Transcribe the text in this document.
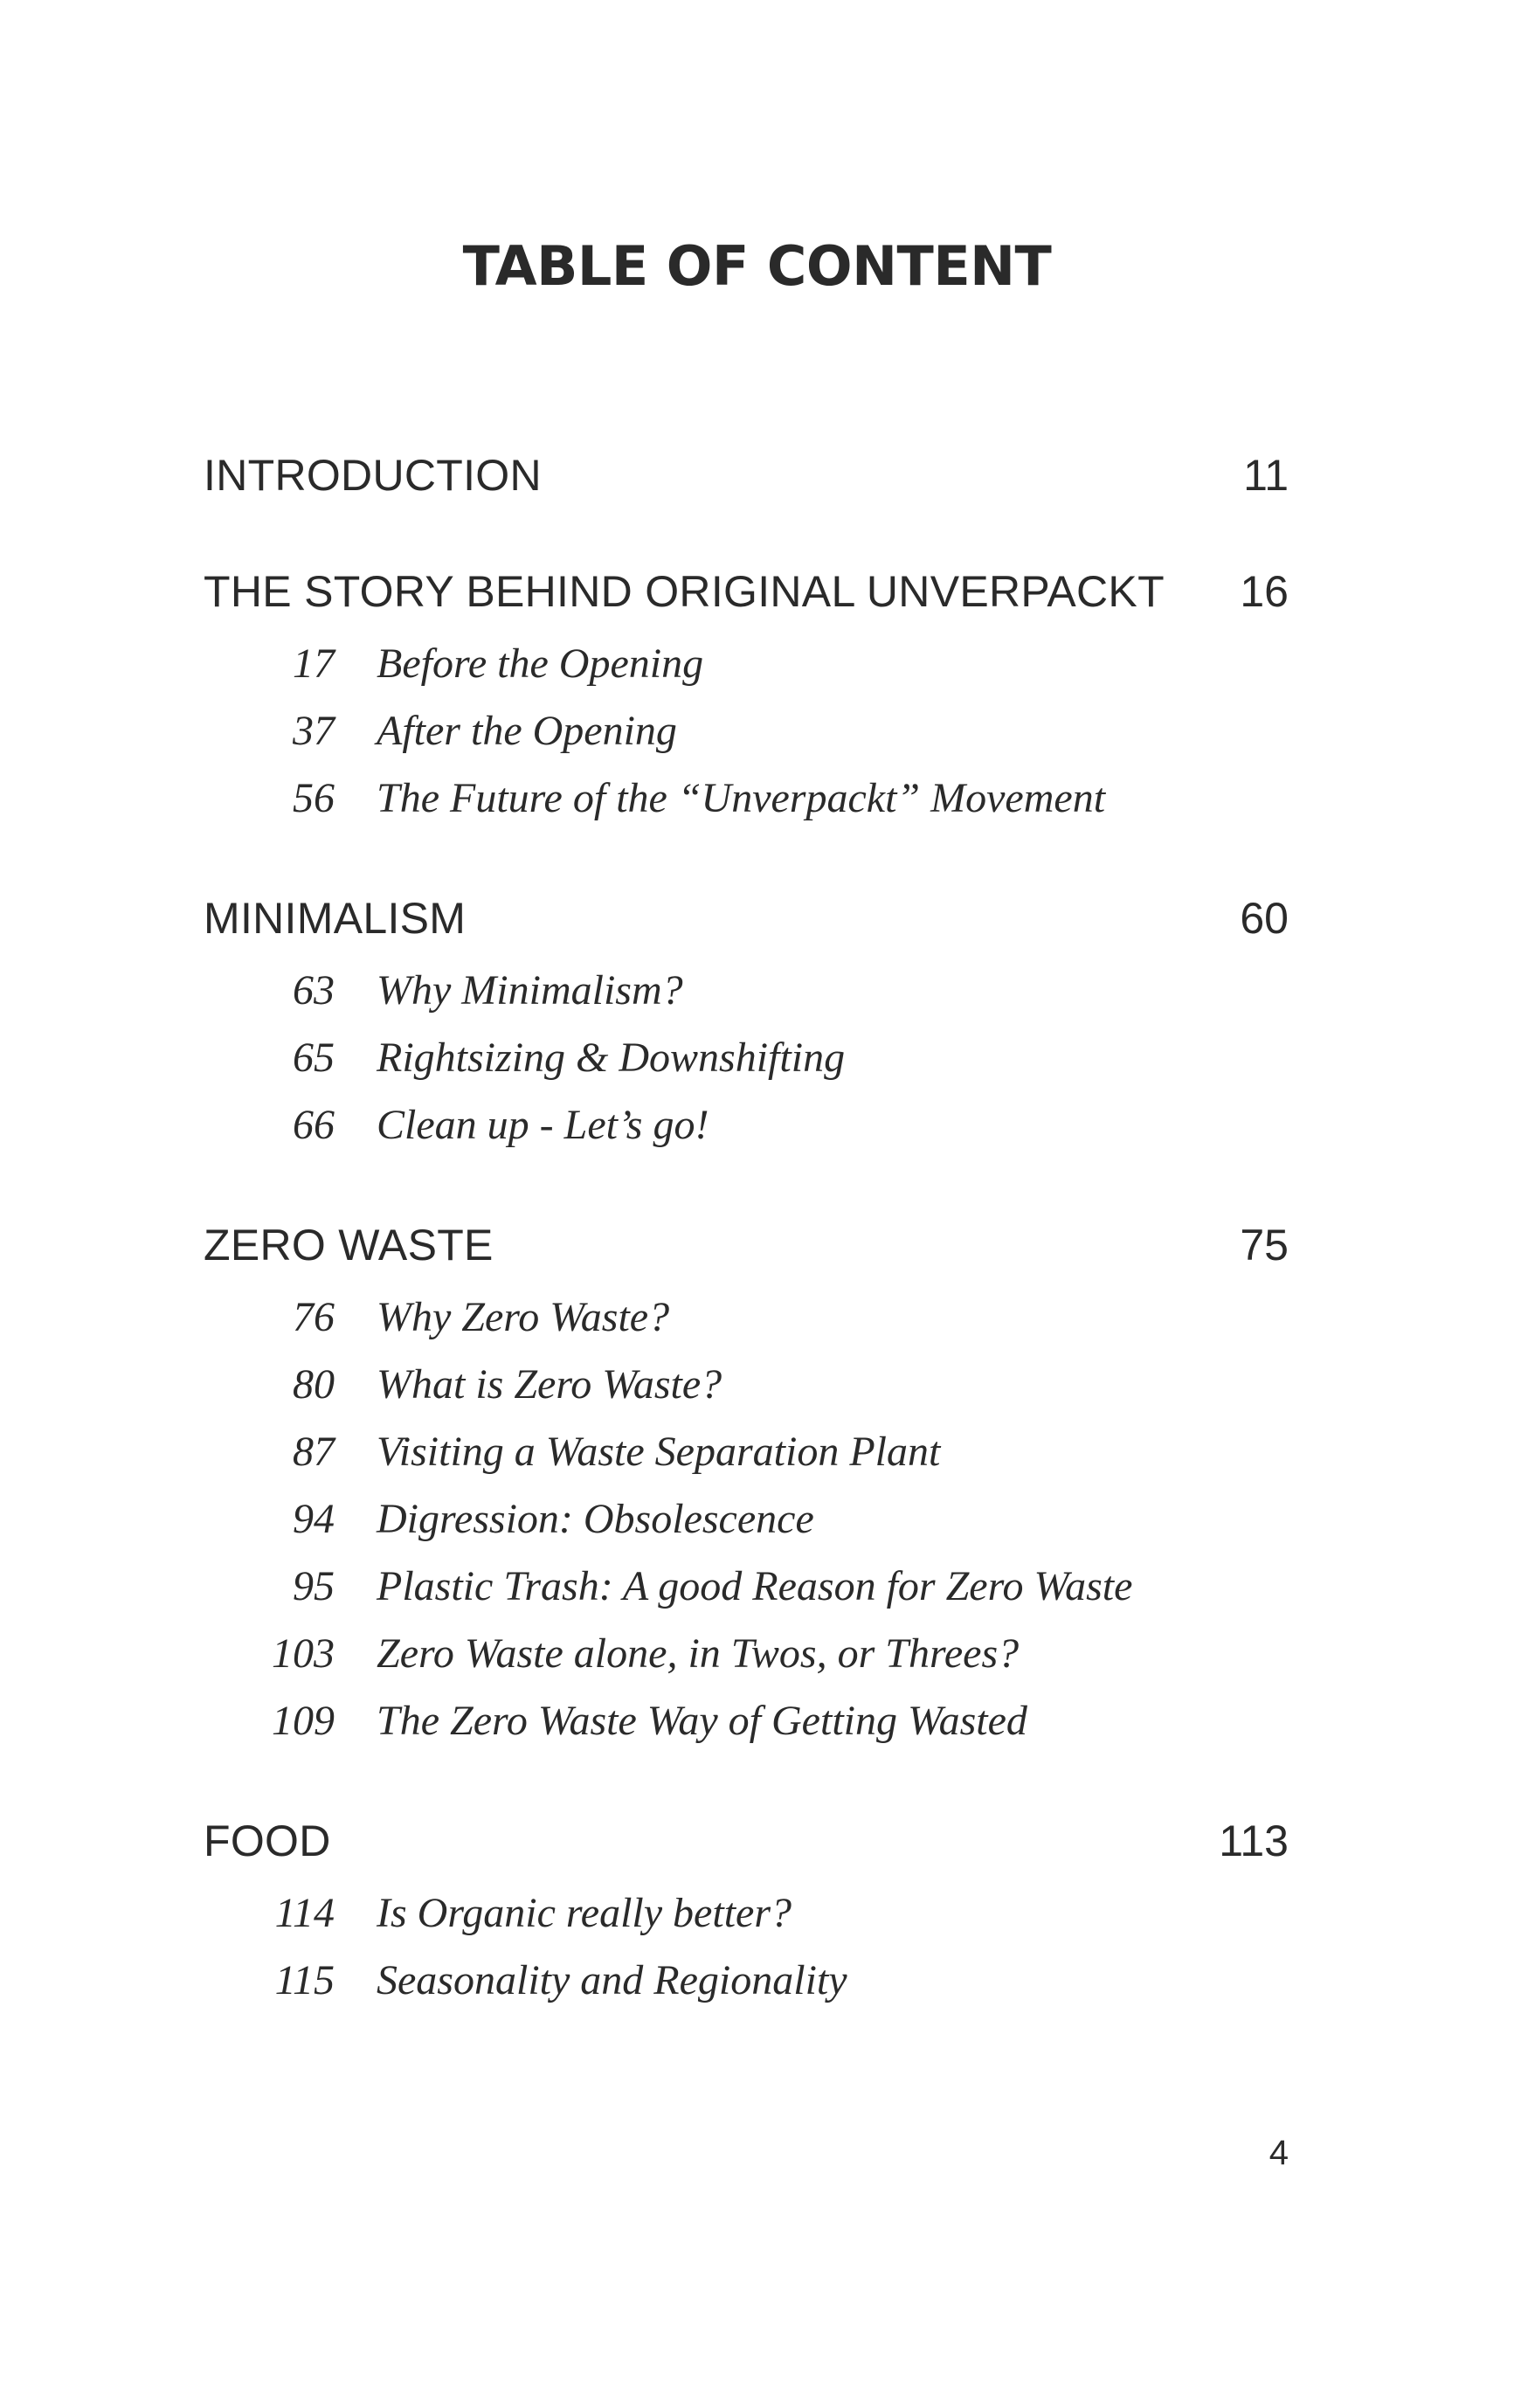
TABLE OF CONTENT
INTRODUCTION	11
THE STORY BEHIND ORIGINAL UNVERPACKT 16
17 Before the Opening
37 After the Opening
56 The Future of the “Unverpackt” Movement
MINIMALISM	60
63 Why Minimalism?
65 Rightsizing & Downshifting
66 Clean up - Let’s go!
ZERO WASTE	75
76 Why Zero Waste?
80 What is Zero Waste?
87 Visiting a Waste Separation Plant
94 Digression: Obsolescence
95 Plastic Trash: A good Reason for Zero Waste
103 Zero Waste alone, in Twos, or Threes?
109 The Zero Waste Way of Getting Wasted
FOOD	113
114 Is Organic really better?
115 Seasonality and Regionality
4
